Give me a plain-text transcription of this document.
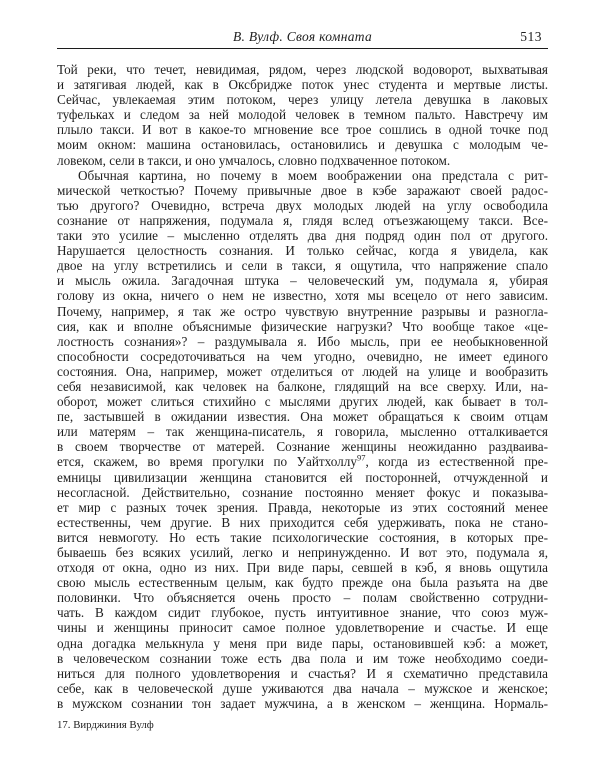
В. Вулф. Своя комната	513
Той реки, что течет, невидимая, рядом, через людской водоворот, выхватывая
и затягивая людей, как в Оксбридже поток унес студента и мертвые листы.
Сейчас, увлекаемая этим потоком, через улицу летела девушка в лаковых
туфельках и следом за ней молодой человек в темном пальто. Навстречу им
плыло такси. И вот в какое-то мгновение все трое сошлись в одной точке под
моим окном: машина остановилась, остановились и девушка с молодым че-
ловеком, сели в такси, и оно умчалось, словно подхваченное потоком.
Обычная картина, но почему в моем воображении она предстала с рит-
мической четкостью? Почему привычные двое в кэбе заражают своей радос-
тью другого? Очевидно, встреча двух молодых людей на углу освободила
сознание от напряжения, подумала я, глядя вслед отъезжающему такси. Все-
таки это усилие – мысленно отделять два дня подряд один пол от другого.
Нарушается целостность сознания. И только сейчас, когда я увидела, как
двое на углу встретились и сели в такси, я ощутила, что напряжение спало
и мысль ожила. Загадочная штука – человеческий ум, подумала я, убирая
голову из окна, ничего о нем не известно, хотя мы всецело от него зависим.
Почему, например, я так же остро чувствую внутренние разрывы и разногла-
сия, как и вполне объяснимые физические нагрузки? Что вообще такое «це-
лостность сознания»? – раздумывала я. Ибо мысль, при ее необыкновенной
способности сосредоточиваться на чем угодно, очевидно, не имеет единого
состояния. Она, например, может отделиться от людей на улице и вообразить
себя независимой, как человек на балконе, глядящий на все сверху. Или, на-
оборот, может слиться стихийно с мыслями других людей, как бывает в тол-
пе, застывшей в ожидании известия. Она может обращаться к своим отцам
или матерям – так женщина-писатель, я говорила, мысленно отталкивается
в своем творчестве от матерей. Сознание женщины неожиданно раздваива-
ется, скажем, во время прогулки по Уайтхоллу$^{97}$, когда из естественной пре-
емницы цивилизации женщина становится ей посторонней, отчужденной и
несогласной. Действительно, сознание постоянно меняет фокус и показыва-
ет мир с разных точек зрения. Правда, некоторые из этих состояний менее
естественны, чем другие. В них приходится себя удерживать, пока не стано-
вится невмоготу. Но есть такие психологические состояния, в которых пре-
бываешь без всяких усилий, легко и непринужденно. И вот это, подумала я,
отходя от окна, одно из них. При виде пары, севшей в кэб, я вновь ощутила
свою мысль естественным целым, как будто прежде она была разъята на две
половинки. Что объясняется очень просто – полам свойственно сотрудни-
чать. В каждом сидит глубокое, пусть интуитивное знание, что союз муж-
чины и женщины приносит самое полное удовлетворение и счастье. И еще
одна догадка мелькнула у меня при виде пары, остановившей кэб: а может,
в человеческом сознании тоже есть два пола и им тоже необходимо соеди-
ниться для полного удовлетворения и счастья? И я схематично представила
себе, как в человеческой душе уживаются два начала – мужское и женское;
в мужском сознании тон задает мужчина, а в женском – женщина. Нормаль-
17. Вирджиния Вулф
